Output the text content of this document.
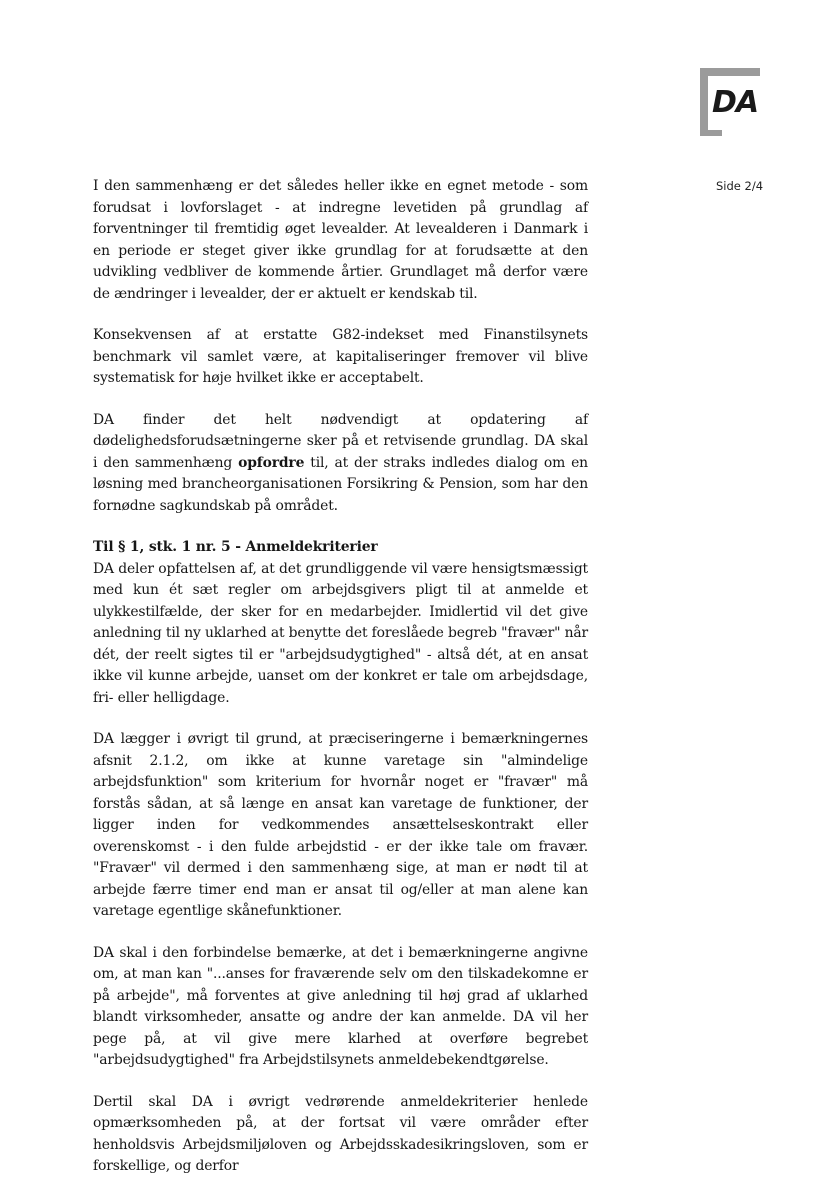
DA
Side 2/4

I den sammenhæng er det således heller ikke en egnet metode - som forudsat i lovforslaget - at indregne levetiden på grundlag af forventninger til fremtidig øget levealder. At levealderen i Danmark i en periode er steget giver ikke grundlag for at forudsætte at den udvikling vedbliver de kommende årtier. Grundlaget må derfor være de ændringer i levealder, der er aktuelt er kendskab til.

Konsekvensen af at erstatte G82-indekset med Finanstilsynets benchmark vil samlet være, at kapitaliseringer fremover vil blive systematisk for høje hvilket ikke er acceptabelt.

DA finder det helt nødvendigt at opdatering af dødelighedsforudsætningerne sker på et retvisende grundlag. DA skal i den sammenhæng opfordre til, at der straks indledes dialog om en løsning med brancheorganisationen Forsikring & Pension, som har den fornødne sagkundskab på området.

Til § 1, stk. 1 nr. 5 - Anmeldekriterier

DA deler opfattelsen af, at det grundliggende vil være hensigtsmæssigt med kun ét sæt regler om arbejdsgivers pligt til at anmelde et ulykkestilfælde, der sker for en medarbejder. Imidlertid vil det give anledning til ny uklarhed at benytte det foreslåede begreb "fravær" når dét, der reelt sigtes til er "arbejdsudygtighed" - altså dét, at en ansat ikke vil kunne arbejde, uanset om der konkret er tale om arbejdsdage, fri- eller helligdage.

DA lægger i øvrigt til grund, at præciseringerne i bemærkningernes afsnit 2.1.2, om ikke at kunne varetage sin "almindelige arbejdsfunktion" som kriterium for hvornår noget er "fravær" må forstås sådan, at så længe en ansat kan varetage de funktioner, der ligger inden for vedkommendes ansættelseskontrakt eller overenskomst - i den fulde arbejdstid - er der ikke tale om fravær. "Fravær" vil dermed i den sammenhæng sige, at man er nødt til at arbejde færre timer end man er ansat til og/eller at man alene kan varetage egentlige skånefunktioner.

DA skal i den forbindelse bemærke, at det i bemærkningerne angivne om, at man kan "...anses for fraværende selv om den tilskadekomne er på arbejde", må forventes at give anledning til høj grad af uklarhed blandt virksomheder, ansatte og andre der kan anmelde. DA vil her pege på, at vil give mere klarhed at overføre begrebet "arbejdsudygtighed" fra Arbejdstilsynets anmeldebekendtgørelse.

Dertil skal DA i øvrigt vedrørende anmeldekriterier henlede opmærksomheden på, at der fortsat vil være områder efter henholdsvis Arbejdsmiljøloven og Arbejdsskadesikringsloven, som er forskellige, og derfor
